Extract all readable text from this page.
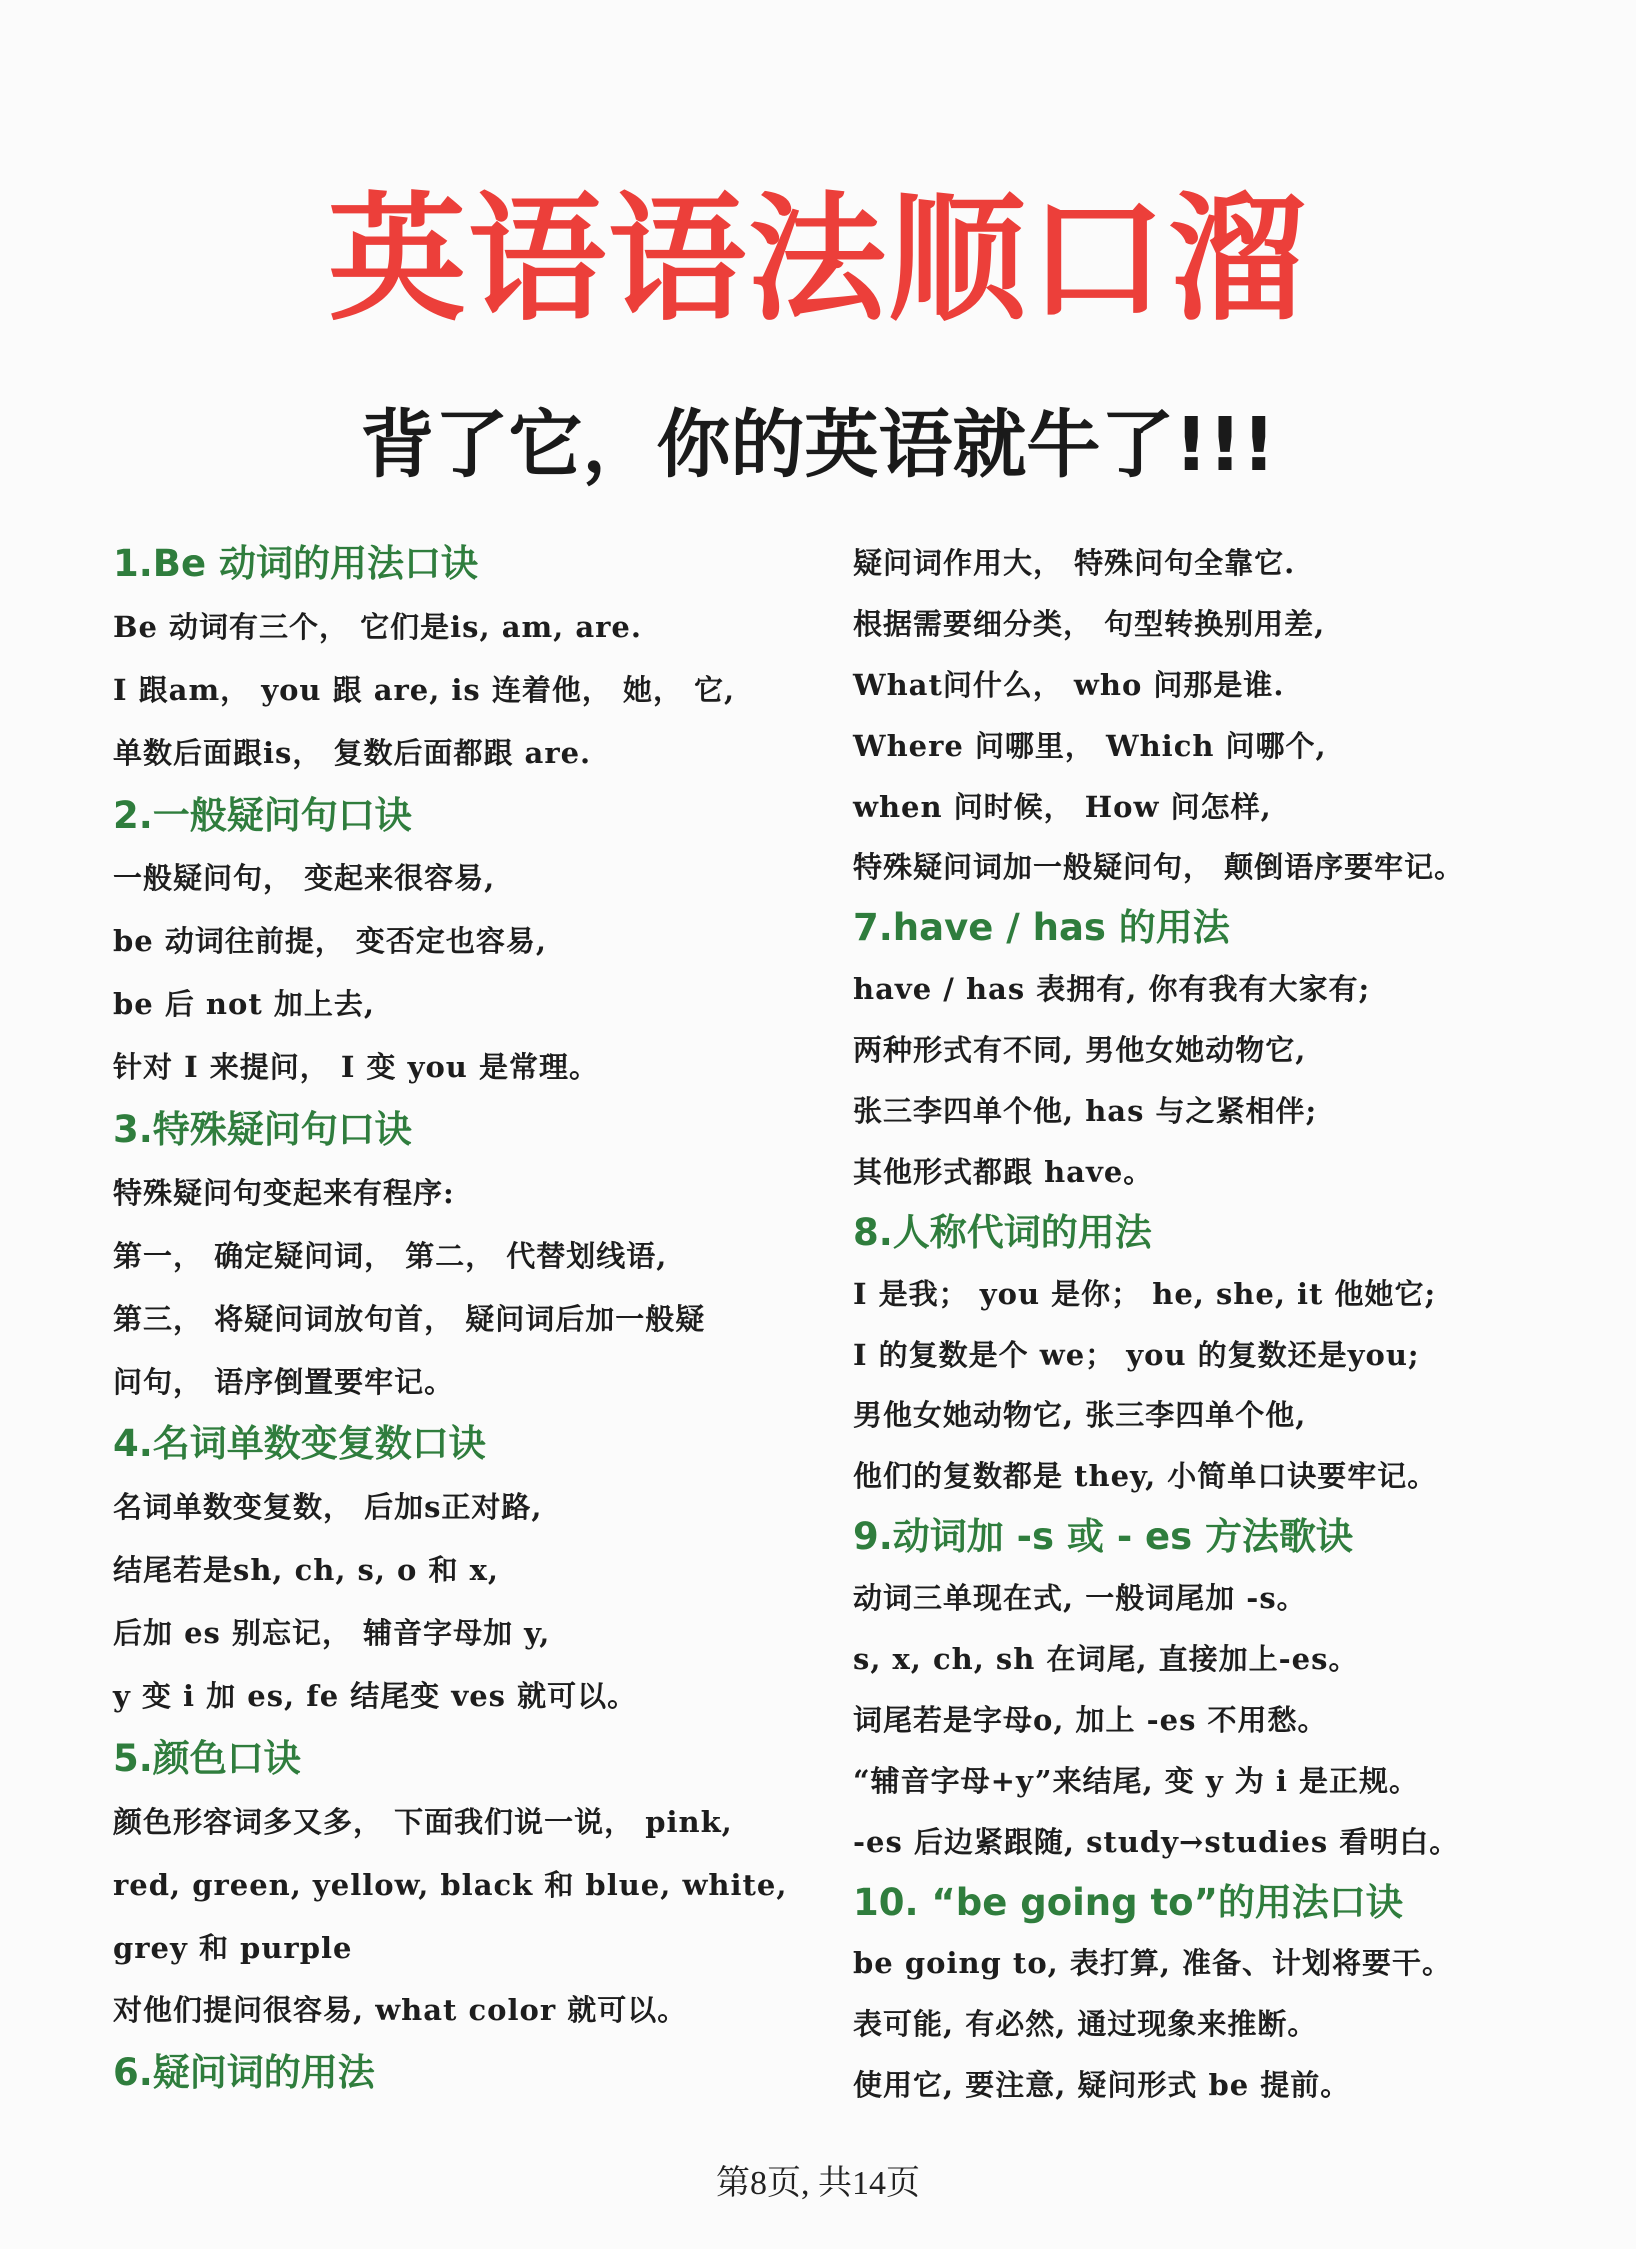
英语语法顺口溜
背了它，你的英语就牛了!!!
1.Be 动词的用法口诀
Be 动词有三个， 它们是is, am, are.
I 跟am， you 跟 are, is 连着他， 她， 它,
单数后面跟is， 复数后面都跟 are.
2.一般疑问句口诀
一般疑问句， 变起来很容易,
be 动词往前提， 变否定也容易,
be 后 not 加上去,
针对 I 来提问， I 变 you 是常理。
3.特殊疑问句口诀
特殊疑问句变起来有程序:
第一， 确定疑问词， 第二， 代替划线语,
第三， 将疑问词放句首， 疑问词后加一般疑
问句， 语序倒置要牢记。
4.名词单数变复数口诀
名词单数变复数， 后加s正对路,
结尾若是sh, ch, s, o 和 x,
后加 es 别忘记， 辅音字母加 y,
y 变 i 加 es, fe 结尾变 ves 就可以。
5.颜色口诀
颜色形容词多又多， 下面我们说一说， pink,
red, green, yellow, black 和 blue, white,
grey 和 purple
对他们提问很容易, what color 就可以。
6.疑问词的用法
疑问词作用大， 特殊问句全靠它.
根据需要细分类， 句型转换别用差,
What问什么， who 问那是谁.
Where 问哪里， Which 问哪个,
when 问时候， How 问怎样,
特殊疑问词加一般疑问句， 颠倒语序要牢记。
7.have / has 的用法
have / has 表拥有, 你有我有大家有;
两种形式有不同, 男他女她动物它,
张三李四单个他, has 与之紧相伴;
其他形式都跟 have。
8.人称代词的用法
I 是我； you 是你； he, she, it 他她它;
I 的复数是个 we； you 的复数还是you;
男他女她动物它, 张三李四单个他,
他们的复数都是 they, 小简单口诀要牢记。
9.动词加 -s 或 - es 方法歌诀
动词三单现在式, 一般词尾加 -s。
s, x, ch, sh 在词尾, 直接加上-es。
词尾若是字母o, 加上 -es 不用愁。
“辅音字母+y”来结尾, 变 y 为 i 是正规。
-es 后边紧跟随, study→studies 看明白。
10. “be going to”的用法口诀
be going to, 表打算, 准备、计划将要干。
表可能, 有必然, 通过现象来推断。
使用它, 要注意, 疑问形式 be 提前。
第8页, 共14页
